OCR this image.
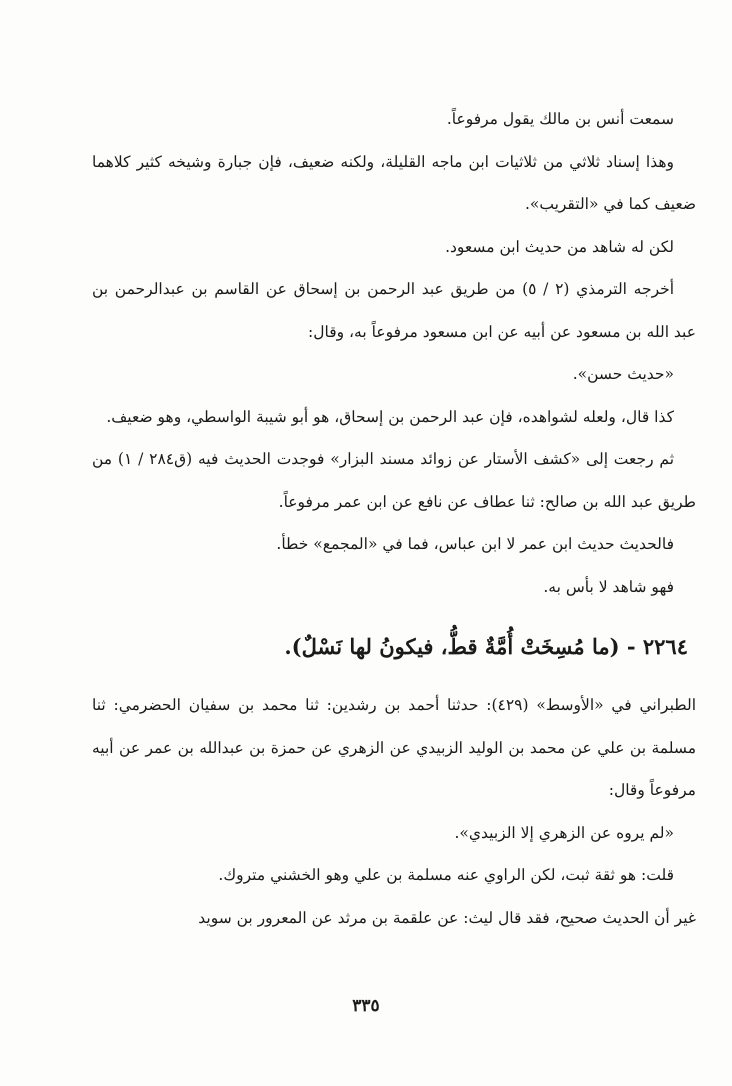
سمعت أنس بن مالك يقول مرفوعاً.

وهذا إسناد ثلاثي من ثلاثيات ابن ماجه القليلة، ولكنه ضعيف، فإن جبارة وشيخه كثير كلاهما ضعيف كما في «التقريب».

لكن له شاهد من حديث ابن مسعود.

أخرجه الترمذي (٢ / ٥) من طريق عبد الرحمن بن إسحاق عن القاسم بن عبدالرحمن بن عبد الله بن مسعود عن أبيه عن ابن مسعود مرفوعاً به، وقال:

«حديث حسن».

كذا قال، ولعله لشواهده، فإن عبد الرحمن بن إسحاق، هو أبو شيبة الواسطي، وهو ضعيف.

ثم رجعت إلى «كشف الأستار عن زوائد مسند البزار» فوجدت الحديث فيه (ق٢٨٤ / ١) من طريق عبد الله بن صالح: ثنا عطاف عن نافع عن ابن عمر مرفوعاً.

فالحديث حديث ابن عمر لا ابن عباس، فما في «المجمع» خطأ.

فهو شاهد لا بأس به.

٢٢٦٤ - (ما مُسِخَتْ أُمَّةٌ قطُّ، فيكونُ لها نَسْلٌ).

الطبراني في «الأوسط» (٤٢٩): حدثنا أحمد بن رشدين: ثنا محمد بن سفيان الحضرمي: ثنا مسلمة بن علي عن محمد بن الوليد الزبيدي عن الزهري عن حمزة بن عبدالله بن عمر عن أبيه مرفوعاً وقال:

«لم يروه عن الزهري إلا الزبيدي».

قلت: هو ثقة ثبت، لكن الراوي عنه مسلمة بن علي وهو الخشني متروك.

غير أن الحديث صحيح، فقد قال ليث: عن علقمة بن مرثد عن المعرور بن سويد

٣٣٥
